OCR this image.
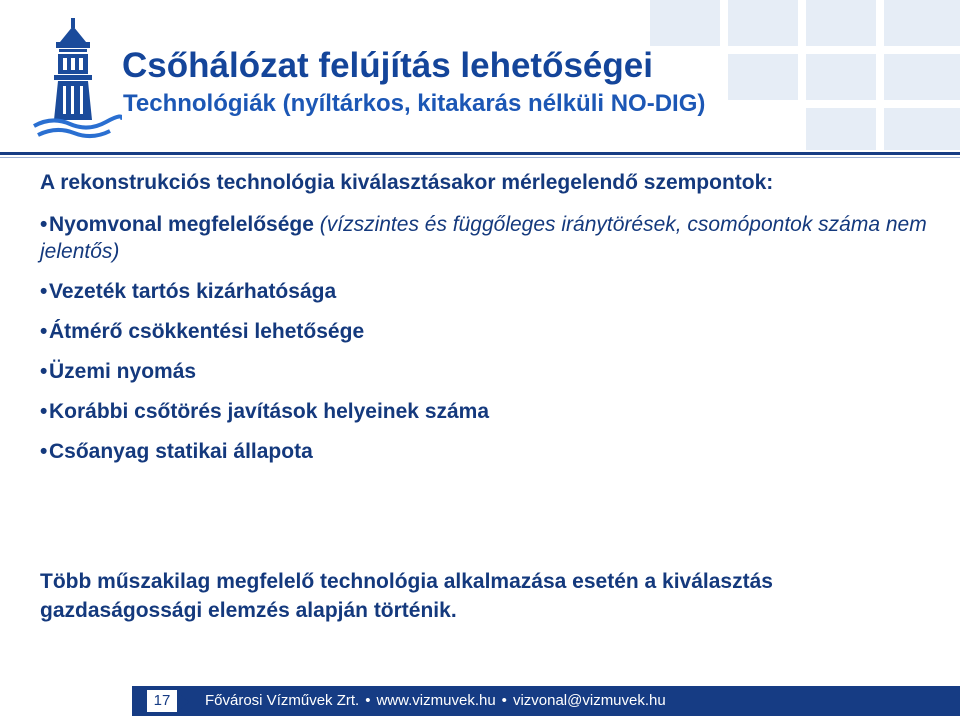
Csőhálózat felújítás lehetőségei
Technológiák (nyíltárkos, kitakarás nélküli NO-DIG)

A rekonstrukciós technológia kiválasztásakor mérlegelendő szempontok:

•Nyomvonal megfelelősége (vízszintes és függőleges iránytörések, csomópontok száma nem jelentős)

•Vezeték tartós kizárhatósága

•Átmérő csökkentési lehetősége

•Üzemi nyomás

•Korábbi csőtörés javítások helyeinek száma

•Csőanyag statikai állapota

Több műszakilag megfelelő technológia alkalmazása esetén a kiválasztás gazdaságossági elemzés alapján történik.

17	Fővárosi Vízművek Zrt. • www.vizmuvek.hu • vizvonal@vizmuvek.hu
